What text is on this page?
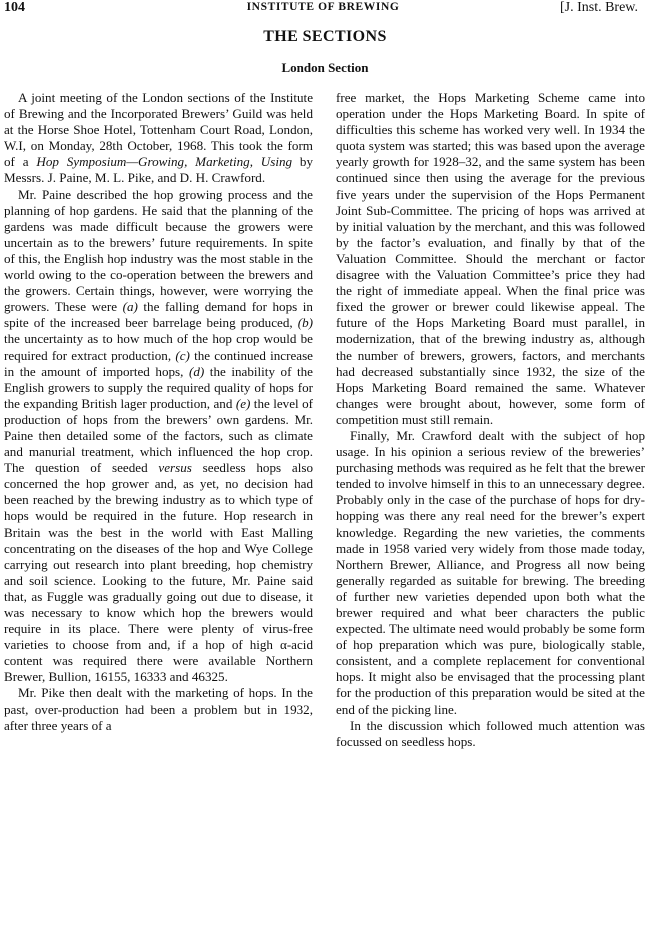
104	INSTITUTE OF BREWING	[J. Inst. Brew.
THE SECTIONS
London Section

A joint meeting of the London sections of the Institute of Brewing and the Incorporated Brewers’ Guild was held at the Horse Shoe Hotel, Tottenham Court Road, London, W.I, on Monday, 28th October, 1968. This took the form of a Hop Symposium—Growing, Marketing, Using by Messrs. J. Paine, M. L. Pike, and D. H. Crawford.

Mr. Paine described the hop growing process and the planning of hop gardens. He said that the planning of the gardens was made difficult because the growers were uncertain as to the brewers’ future requirements. In spite of this, the English hop industry was the most stable in the world owing to the co-operation between the brewers and the growers. Certain things, however, were worrying the growers. These were (a) the falling demand for hops in spite of the increased beer barrelage being produced, (b) the uncertainty as to how much of the hop crop would be required for extract production, (c) the continued increase in the amount of imported hops, (d) the inability of the English growers to supply the required quality of hops for the expanding British lager production, and (e) the level of production of hops from the brewers’ own gardens. Mr. Paine then detailed some of the factors, such as climate and manurial treatment, which influenced the hop crop. The question of seeded versus seedless hops also concerned the hop grower and, as yet, no decision had been reached by the brewing industry as to which type of hops would be required in the future. Hop research in Britain was the best in the world with East Malling concentrating on the diseases of the hop and Wye College carrying out research into plant breeding, hop chemistry and soil science. Looking to the future, Mr. Paine said that, as Fuggle was gradually going out due to disease, it was necessary to know which hop the brewers would require in its place. There were plenty of virus-free varieties to choose from and, if a hop of high α-acid content was required there were available Northern Brewer, Bullion, 16155, 16333 and 46325.

Mr. Pike then dealt with the marketing of hops. In the past, over-production had been a problem but in 1932, after three years of a

free market, the Hops Marketing Scheme came into operation under the Hops Marketing Board. In spite of difficulties this scheme has worked very well. In 1934 the quota system was started; this was based upon the average yearly growth for 1928–32, and the same system has been continued since then using the average for the previous five years under the supervision of the Hops Permanent Joint Sub-Committee. The pricing of hops was arrived at by initial valuation by the merchant, and this was followed by the factor’s evaluation, and finally by that of the Valuation Committee. Should the merchant or factor disagree with the Valuation Committee’s price they had the right of immediate appeal. When the final price was fixed the grower or brewer could likewise appeal. The future of the Hops Marketing Board must parallel, in modernization, that of the brewing industry as, although the number of brewers, growers, factors, and merchants had decreased substantially since 1932, the size of the Hops Marketing Board remained the same. Whatever changes were brought about, however, some form of competition must still remain.

Finally, Mr. Crawford dealt with the subject of hop usage. In his opinion a serious review of the breweries’ purchasing methods was required as he felt that the brewer tended to involve himself in this to an unnecessary degree. Probably only in the case of the purchase of hops for dry-hopping was there any real need for the brewer’s expert knowledge. Regarding the new varieties, the comments made in 1958 varied very widely from those made today, Northern Brewer, Alliance, and Progress all now being generally regarded as suitable for brewing. The breeding of further new varieties depended upon both what the brewer required and what beer characters the public expected. The ultimate need would probably be some form of hop preparation which was pure, biologically stable, consistent, and a complete replacement for conventional hops. It might also be envisaged that the processing plant for the production of this preparation would be sited at the end of the picking line.

In the discussion which followed much attention was focussed on seedless hops.
